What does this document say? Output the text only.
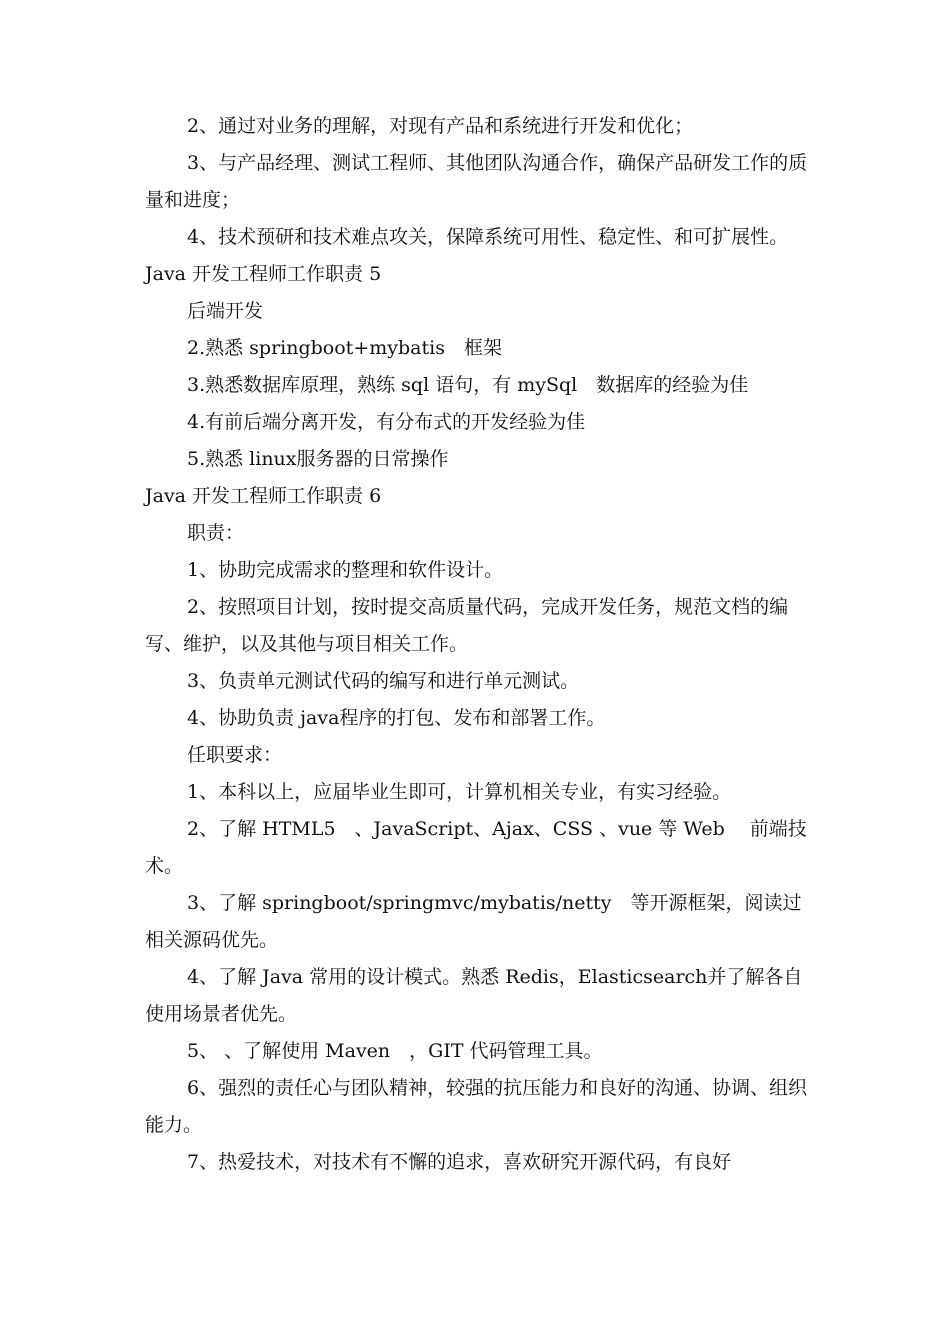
2、通过对业务的理解，对现有产品和系统进行开发和优化；

3、与产品经理、测试工程师、其他团队沟通合作，确保产品研发工作的质量和进度；

4、技术预研和技术难点攻关，保障系统可用性、稳定性、和可扩展性。

Java 开发工程师工作职责 5

后端开发

2.熟悉 springboot+mybatis　框架

3.熟悉数据库原理，熟练 sql 语句，有 mySql　数据库的经验为佳

4.有前后端分离开发，有分布式的开发经验为佳

5.熟悉 linux服务器的日常操作

Java 开发工程师工作职责 6

职责：

1、协助完成需求的整理和软件设计。

2、按照项目计划，按时提交高质量代码，完成开发任务，规范文档的编写、维护，以及其他与项目相关工作。

3、负责单元测试代码的编写和进行单元测试。

4、协助负责 java程序的打包、发布和部署工作。

任职要求：

1、本科以上，应届毕业生即可，计算机相关专业，有实习经验。

2、了解 HTML5　、JavaScript、Ajax、CSS 、vue 等 Web　 前端技术。

3、了解 springboot/springmvc/mybatis/netty　等开源框架，阅读过相关源码优先。

4、了解 Java 常用的设计模式。熟悉 Redis，Elasticsearch并了解各自使用场景者优先。

5、 、了解使用 Maven　，GIT 代码管理工具。

6、强烈的责任心与团队精神，较强的抗压能力和良好的沟通、协调、组织能力。

7、热爱技术，对技术有不懈的追求，喜欢研究开源代码，有良好
